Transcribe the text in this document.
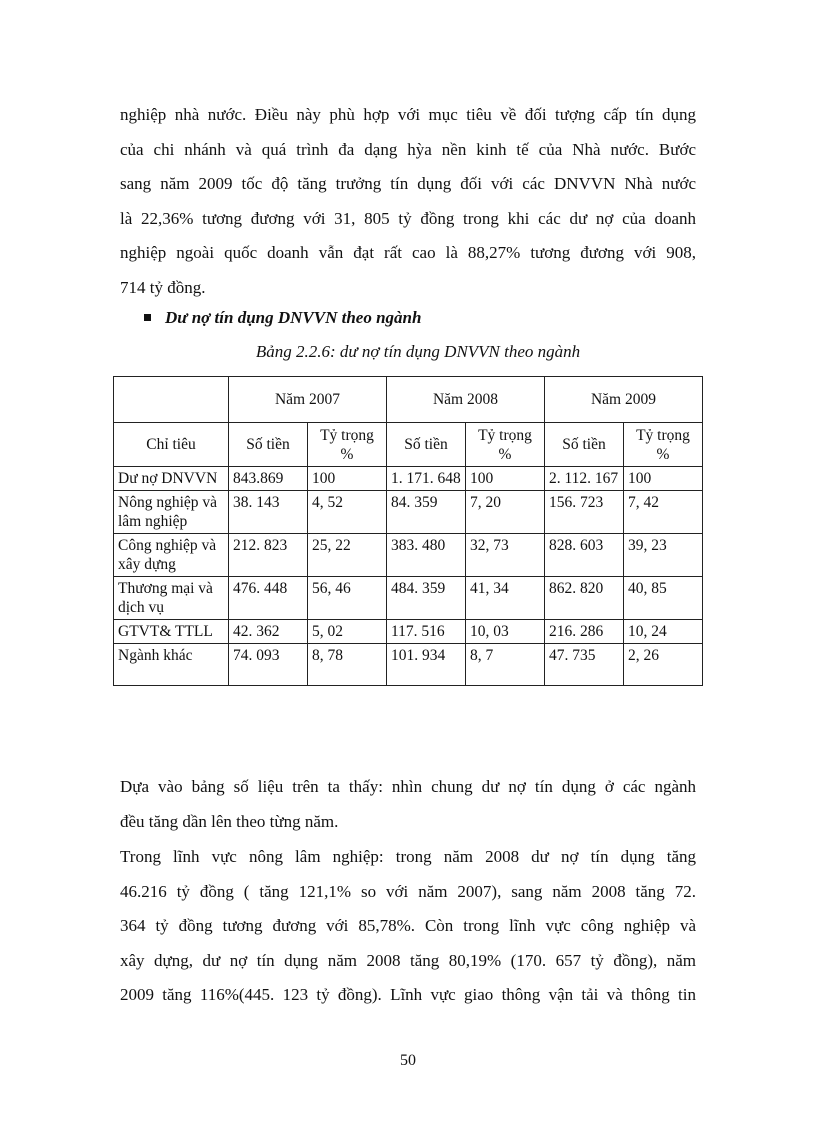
nghiệp nhà nước. Điều này phù hợp với mục tiêu về đối tượng cấp tín dụng
của chi nhánh và quá trình đa dạng hỳa nền kinh tế của Nhà nước. Bước
sang năm 2009 tốc độ tăng trưởng tín dụng đối với các DNVVN Nhà nước
là 22,36% tương đương với 31, 805 tỷ đồng trong khi các dư nợ của doanh
nghiệp ngoài quốc doanh vẫn đạt rất cao là 88,27% tương đương với 908,
714 tỷ đồng.
Dư nợ tín dụng DNVVN theo ngành
Bảng 2.2.6: dư nợ tín dụng DNVVN theo ngành
	Năm 2007		Năm 2008		Năm 2009	
Chỉ tiêu	Số tiền	Tỷ trọng %	Số tiền	Tỷ trọng %	Số tiền	Tỷ trọng %
Dư nợ DNVVN	843.869	100	1. 171. 648	100	2. 112. 167	100
Nông nghiệp và lâm nghiệp	38. 143	4, 52	84. 359	7, 20	156. 723	7, 42
Công nghiệp và xây dựng	212. 823	25, 22	383. 480	32, 73	828. 603	39, 23
Thương mại và dịch vụ	476. 448	56, 46	484. 359	41, 34	862. 820	40, 85
GTVT& TTLL	42. 362	5, 02	117. 516	10, 03	216. 286	10, 24
Ngành khác	74. 093	8, 78	101. 934	8, 7	47. 735	2, 26
Dựa vào bảng số liệu trên ta thấy: nhìn chung dư nợ tín dụng ở các ngành
đều tăng dần lên theo từng năm.
Trong lĩnh vực nông lâm nghiệp: trong năm 2008 dư nợ tín dụng tăng
46.216 tỷ đồng ( tăng 121,1% so với năm 2007), sang năm 2008 tăng 72.
364 tỷ đồng tương đương với 85,78%. Còn trong lĩnh vực công nghiệp và
xây dựng, dư nợ tín dụng năm 2008 tăng 80,19% (170. 657 tỷ đồng), năm
2009 tăng 116%(445. 123 tỷ đồng). Lĩnh vực giao thông vận tải và thông tin
50
